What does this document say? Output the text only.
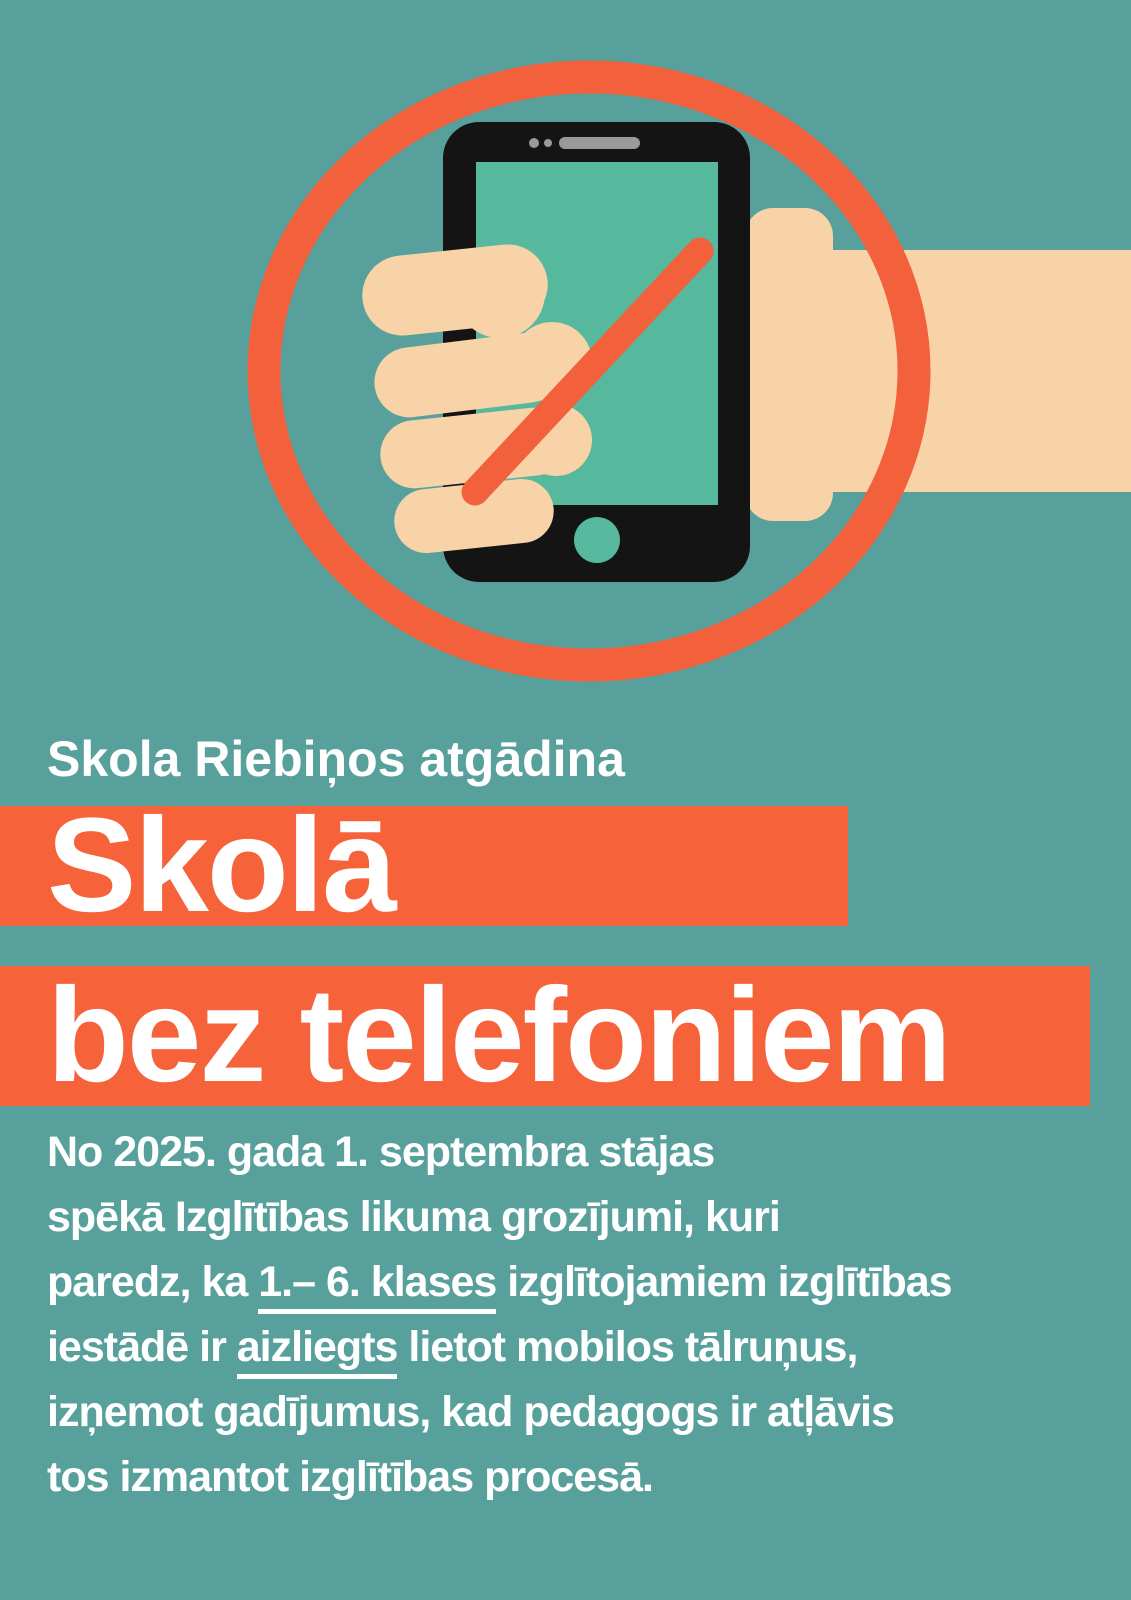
Skola Riebiņos atgādina
Skolā
bez telefoniem
No 2025. gada 1. septembra stājas
spēkā Izglītības likuma grozījumi, kuri
paredz, ka 1.– 6. klases izglītojamiem izglītības
iestādē ir aizliegts lietot mobilos tālruņus,
izņemot gadījumus, kad pedagogs ir atļāvis
tos izmantot izglītības procesā.
